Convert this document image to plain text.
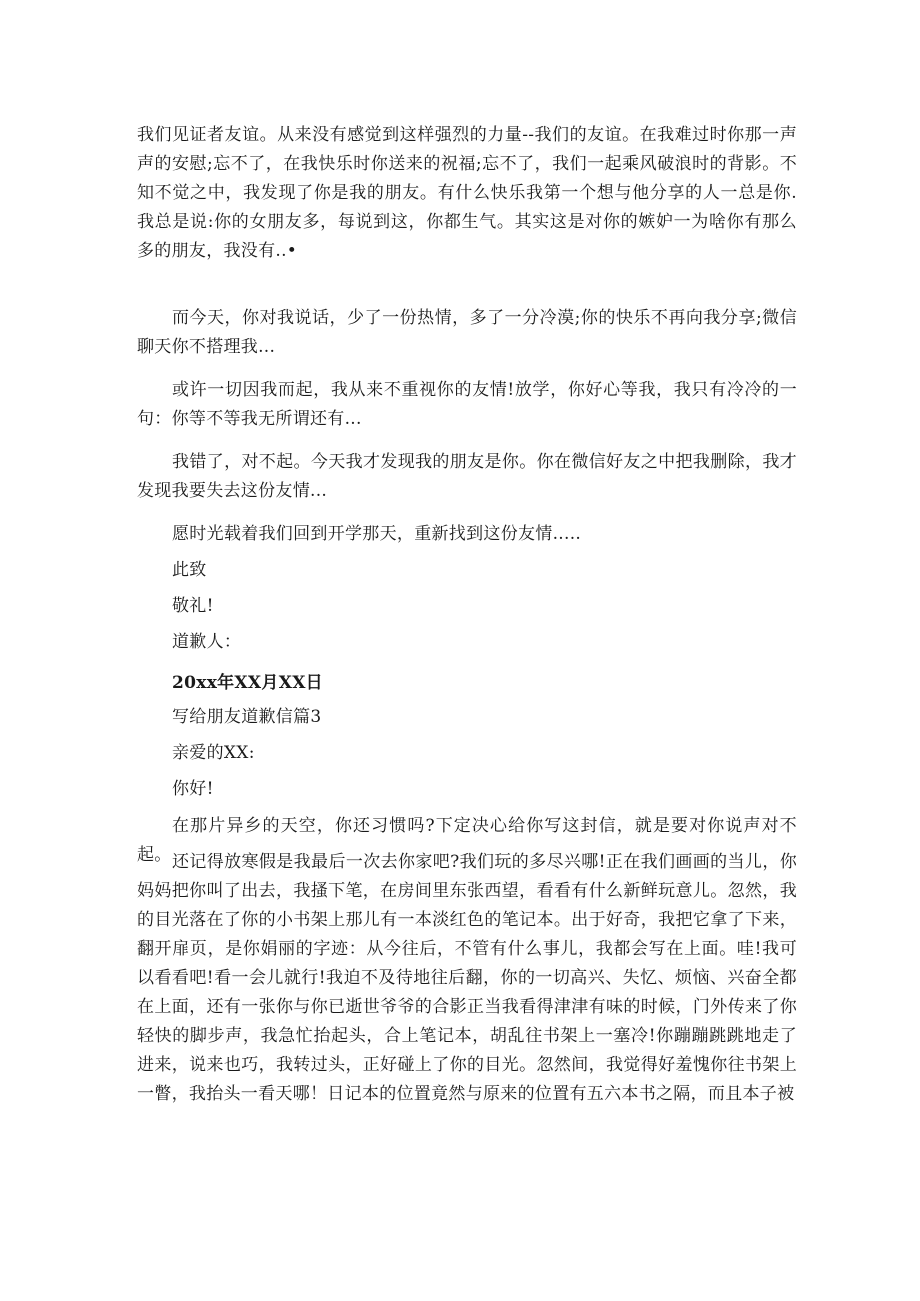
我们见证者友谊。从来没有感觉到这样强烈的力量--我们的友谊。在我难过时你那一声声的安慰;忘不了，在我快乐时你送来的祝福;忘不了，我们一起乘风破浪时的背影。不知不觉之中，我发现了你是我的朋友。有什么快乐我第一个想与他分享的人一总是你.我总是说:你的女朋友多，每说到这，你都生气。其实这是对你的嫉妒一为啥你有那么多的朋友，我没有..•

而今天，你对我说话，少了一份热情，多了一分冷漠;你的快乐不再向我分享;微信聊天你不搭理我...

或许一切因我而起，我从来不重视你的友情!放学，你好心等我，我只有冷冷的一句：你等不等我无所谓还有...

我错了，对不起。今天我才发现我的朋友是你。你在微信好友之中把我删除，我才发现我要失去这份友情...

愿时光载着我们回到开学那天，重新找到这份友情.....

此致

敬礼!

道歉人：

20xx年XX月XX日

写给朋友道歉信篇3

亲爱的XX:

你好!

在那片异乡的天空，你还习惯吗?下定决心给你写这封信，就是要对你说声对不起。 还记得放寒假是我最后一次去你家吧?我们玩的多尽兴哪!正在我们画画的当儿，你妈妈把你叫了出去，我搔下笔，在房间里东张西望，看看有什么新鲜玩意儿。忽然，我的目光落在了你的小书架上那儿有一本淡红色的笔记本。出于好奇，我把它拿了下来，翻开扉页，是你娟丽的字迹：从今往后，不管有什么事儿，我都会写在上面。哇!我可以看看吧!看一会儿就行!我迫不及待地往后翻，你的一切高兴、失忆、烦恼、兴奋全都在上面，还有一张你与你已逝世爷爷的合影正当我看得津津有味的时候，门外传来了你轻快的脚步声，我急忙抬起头，合上笔记本，胡乱往书架上一塞冷!你蹦蹦跳跳地走了进来，说来也巧，我转过头，正好碰上了你的目光。忽然间，我觉得好羞愧你往书架上一瞥，我抬头一看天哪！日记本的位置竟然与原来的位置有五六本书之隔，而且本子被
